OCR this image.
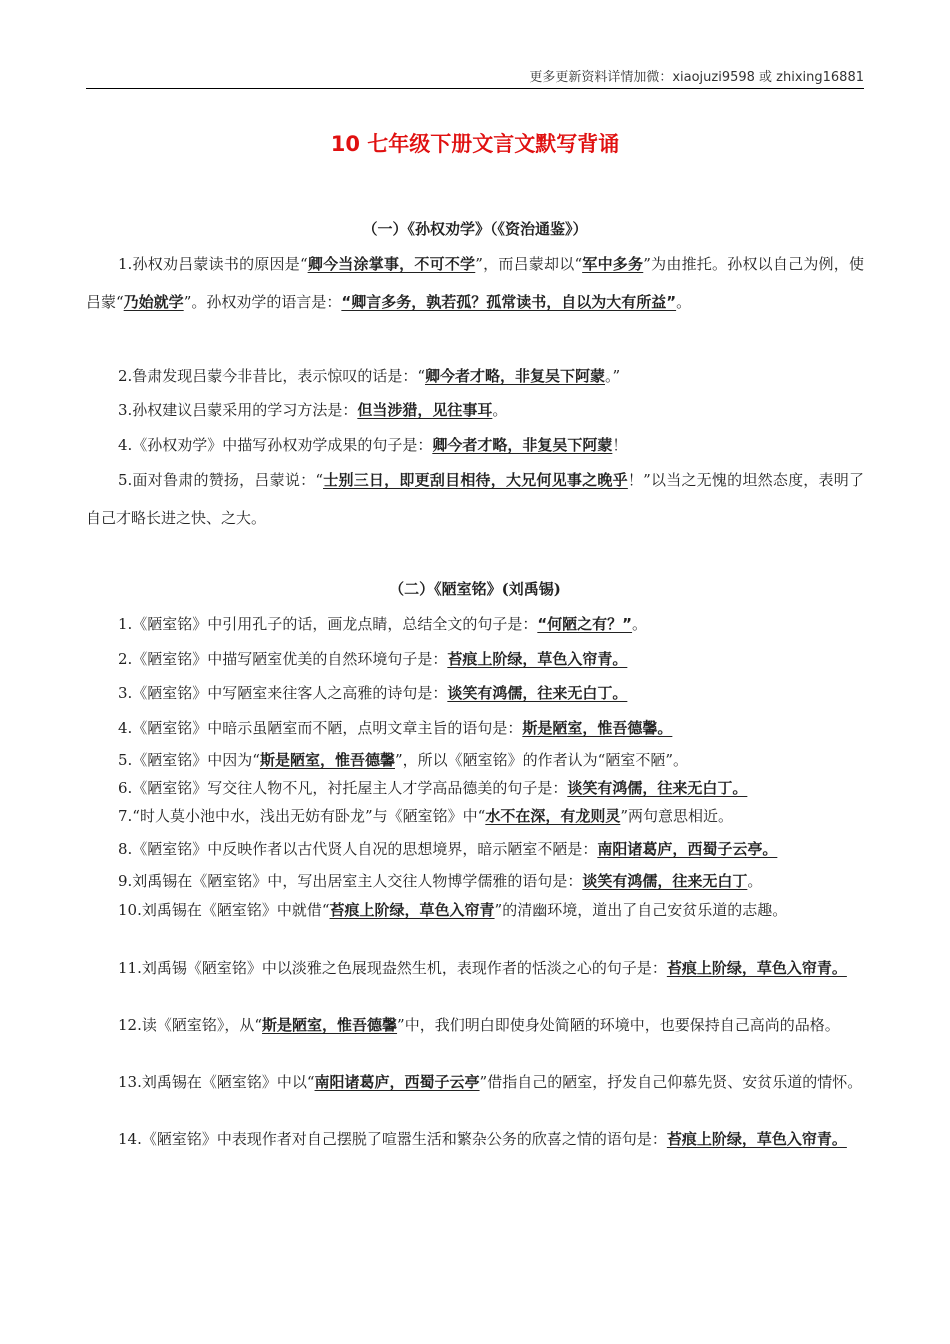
更多更新资料详情加微：xiaojuzi9598 或 zhixing16881
10 七年级下册文言文默写背诵
（一）《孙权劝学》（《资治通鉴》）

1.孙权劝吕蒙读书的原因是“卿今当涂掌事，不可不学”，而吕蒙却以“军中多务”为由推托。孙权以自己为例，使吕蒙“乃始就学”。孙权劝学的语言是：“卿言多务，孰若孤？孤常读书，自以为大有所益”。

2.鲁肃发现吕蒙今非昔比，表示惊叹的话是：“卿今者才略，非复吴下阿蒙。”

3.孙权建议吕蒙采用的学习方法是：但当涉猎，见往事耳。

4.《孙权劝学》中描写孙权劝学成果的句子是：卿今者才略，非复吴下阿蒙！

5.面对鲁肃的赞扬，吕蒙说：“士别三日，即更刮目相待，大兄何见事之晚乎！”以当之无愧的坦然态度，表明了自己才略长进之快、之大。

（二）《陋室铭》(刘禹锡)

1.《陋室铭》中引用孔子的话，画龙点睛，总结全文的句子是：“何陋之有？”。

2.《陋室铭》中描写陋室优美的自然环境句子是：苔痕上阶绿，草色入帘青。

3.《陋室铭》中写陋室来往客人之高雅的诗句是：谈笑有鸿儒，往来无白丁。

4.《陋室铭》中暗示虽陋室而不陋，点明文章主旨的语句是：斯是陋室，惟吾德馨。

5.《陋室铭》中因为“斯是陋室，惟吾德馨”，所以《陋室铭》的作者认为“陋室不陋”。

6.《陋室铭》写交往人物不凡，衬托屋主人才学高品德美的句子是：谈笑有鸿儒，往来无白丁。

7.“时人莫小池中水，浅出无妨有卧龙”与《陋室铭》中“水不在深，有龙则灵”两句意思相近。

8.《陋室铭》中反映作者以古代贤人自况的思想境界，暗示陋室不陋是：南阳诸葛庐，西蜀子云亭。

9.刘禹锡在《陋室铭》中，写出居室主人交往人物博学儒雅的语句是：谈笑有鸿儒，往来无白丁。

10.刘禹锡在《陋室铭》中就借“苔痕上阶绿，草色入帘青”的清幽环境，道出了自己安贫乐道的志趣。

11.刘禹锡《陋室铭》中以淡雅之色展现盎然生机，表现作者的恬淡之心的句子是：苔痕上阶绿，草色入帘青。

12.读《陋室铭》，从“斯是陋室，惟吾德馨”中，我们明白即使身处简陋的环境中，也要保持自己高尚的品格。

13.刘禹锡在《陋室铭》中以“南阳诸葛庐，西蜀子云亭”借指自己的陋室，抒发自己仰慕先贤、安贫乐道的情怀。

14.《陋室铭》中表现作者对自己摆脱了喧嚣生活和繁杂公务的欣喜之情的语句是：苔痕上阶绿，草色入帘青。
